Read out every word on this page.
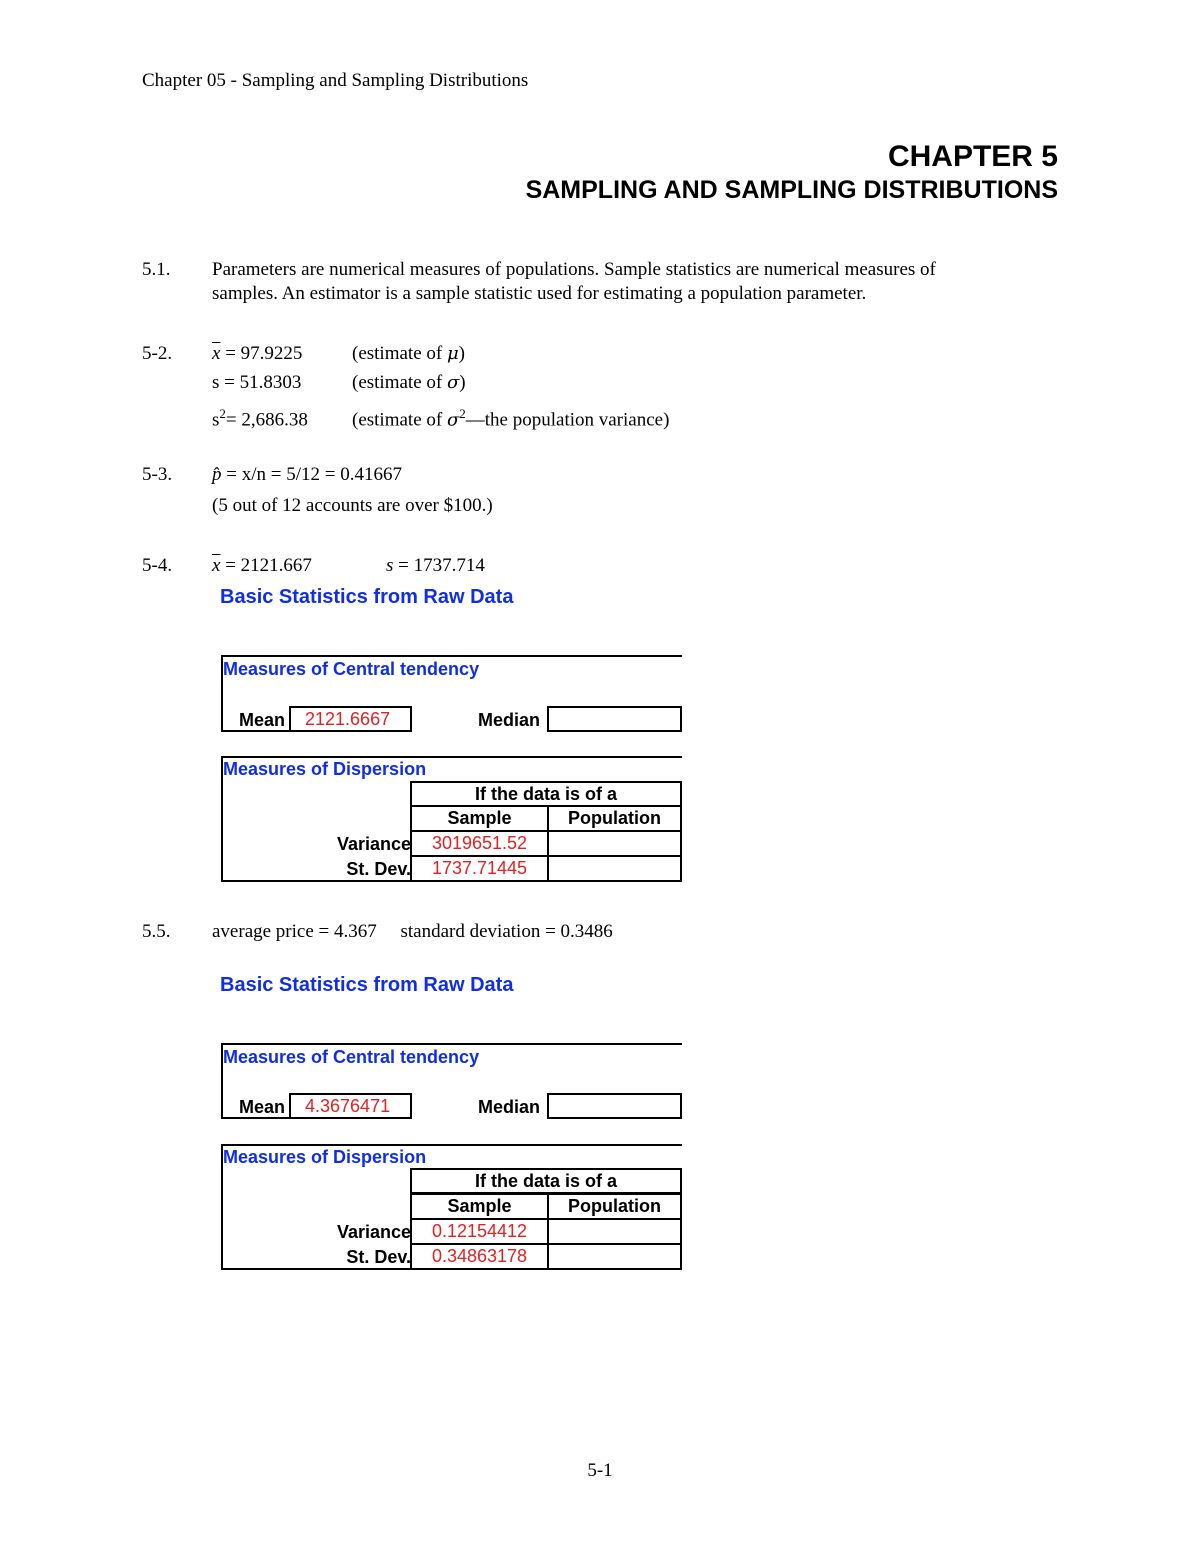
Chapter 05 - Sampling and Sampling Distributions
CHAPTER 5
SAMPLING AND SAMPLING DISTRIBUTIONS
5.1. Parameters are numerical measures of populations. Sample statistics are numerical measures of
samples. An estimator is a sample statistic used for estimating a population parameter.
5-2. $\overline{x} = 97.9225$	(estimate of μ)
s = 51.8303	(estimate of σ)
$s^2= 2,686.38$ (estimate of $\sigma^2—the$ population variance)
5-3. p̂ = x/n = 5/12 = 0.41667
(5 out of 12 accounts are over $100.)
5-4. $\overline{x} = 2121.667$	s = 1737.714
Basic Statistics from Raw Data
Measures of Central tendency
Mean	2121.6667	Median
Measures of Dispersion
If the data is of a
Sample	Population
Variance	3019651.52
St. Dev.	1737.71445
5.5. average price = 4.367     standard deviation = 0.3486
Basic Statistics from Raw Data
Measures of Central tendency
Mean	4.3676471	Median
Measures of Dispersion
If the data is of a
Sample	Population
Variance	0.12154412
St. Dev.	0.34863178
5-1
